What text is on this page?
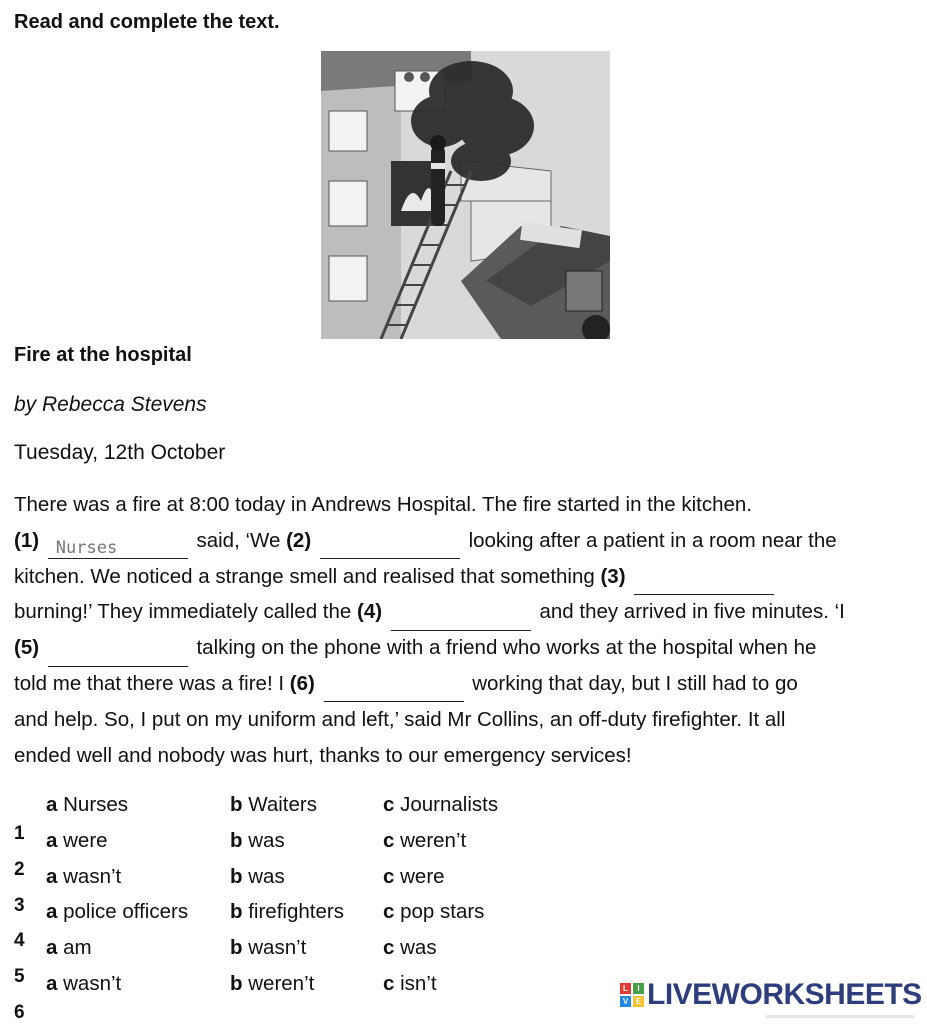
Read and complete the text.
Fire at the hospital
by Rebecca Stevens
Tuesday, 12th October
There was a fire at 8:00 today in Andrews Hospital. The fire started in the kitchen.
(1) Nurses	said, ‘We (2)	looking after a patient in a room near the
kitchen. We noticed a strange smell and realised that something (3)
burning!’ They immediately called the (4)	and they arrived in five minutes. ‘I
(5)	talking on the phone with a friend who works at the hospital when he
told me that there was a fire! I (6)	working that day, but I still had to go
and help. So, I put on my uniform and left,’ said Mr Collins, an off-duty firefighter. It all
ended well and nobody was hurt, thanks to our emergency services!
1
2
3
4
5
6
a Nurses	b Waiters	c Journalists
a were	b was	c weren’t
a wasn’t	b was	c were
a police officers	b firefighters	c pop stars
a am	b wasn’t	c was
a wasn’t	b weren’t	c isn’t	L	I
V E LIVEWORKSHEETS
